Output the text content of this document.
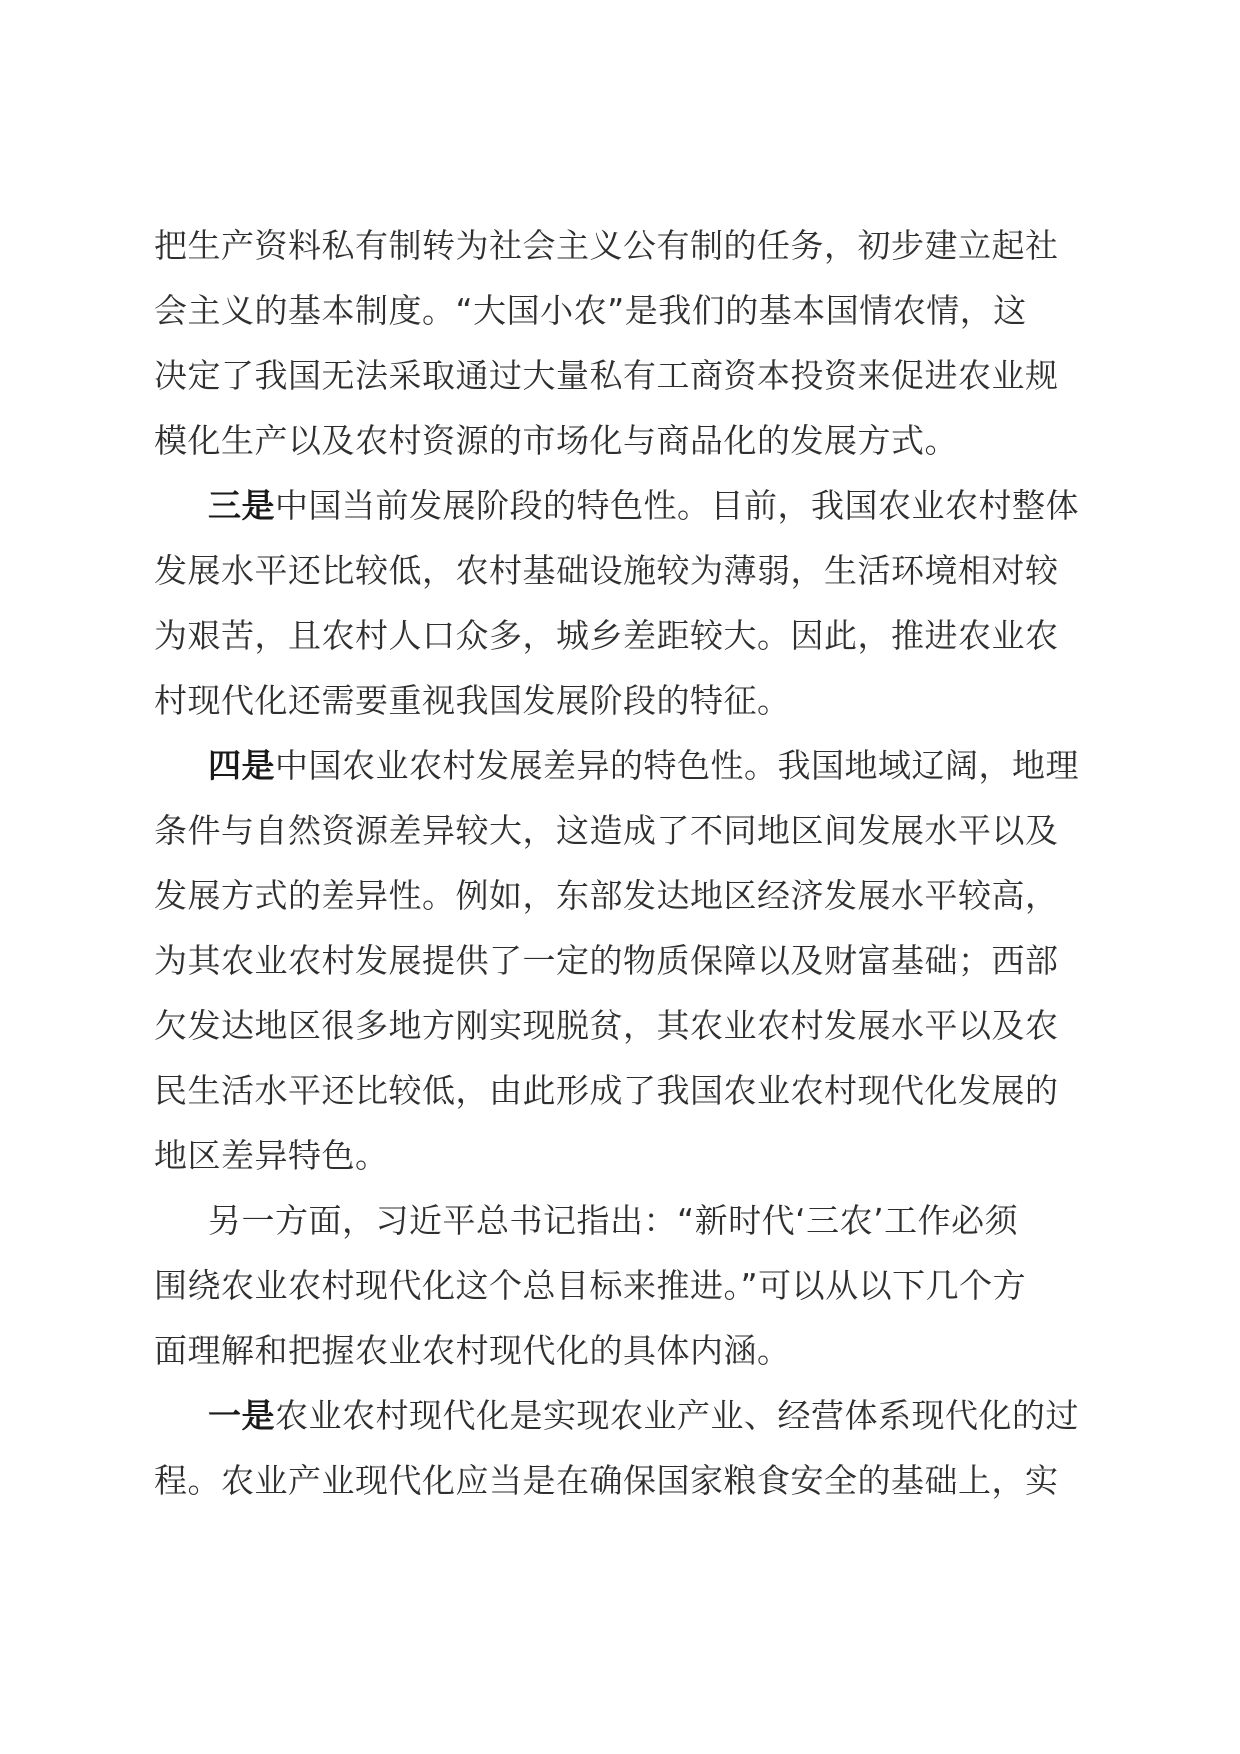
把生产资料私有制转为社会主义公有制的任务，初步建立起社
会主义的基本制度。“大国小农”是我们的基本国情农情，这
决定了我国无法采取通过大量私有工商资本投资来促进农业规
模化生产以及农村资源的市场化与商品化的发展方式。
三是中国当前发展阶段的特色性。目前，我国农业农村整体
发展水平还比较低，农村基础设施较为薄弱，生活环境相对较
为艰苦，且农村人口众多，城乡差距较大。因此，推进农业农
村现代化还需要重视我国发展阶段的特征。
四是中国农业农村发展差异的特色性。我国地域辽阔，地理
条件与自然资源差异较大，这造成了不同地区间发展水平以及
发展方式的差异性。例如，东部发达地区经济发展水平较高，
为其农业农村发展提供了一定的物质保障以及财富基础；西部
欠发达地区很多地方刚实现脱贫，其农业农村发展水平以及农
民生活水平还比较低，由此形成了我国农业农村现代化发展的
地区差异特色。
另一方面，习近平总书记指出：“新时代‘三农’工作必须
围绕农业农村现代化这个总目标来推进。”可以从以下几个方
面理解和把握农业农村现代化的具体内涵。
一是农业农村现代化是实现农业产业、经营体系现代化的过
程。农业产业现代化应当是在确保国家粮食安全的基础上，实
